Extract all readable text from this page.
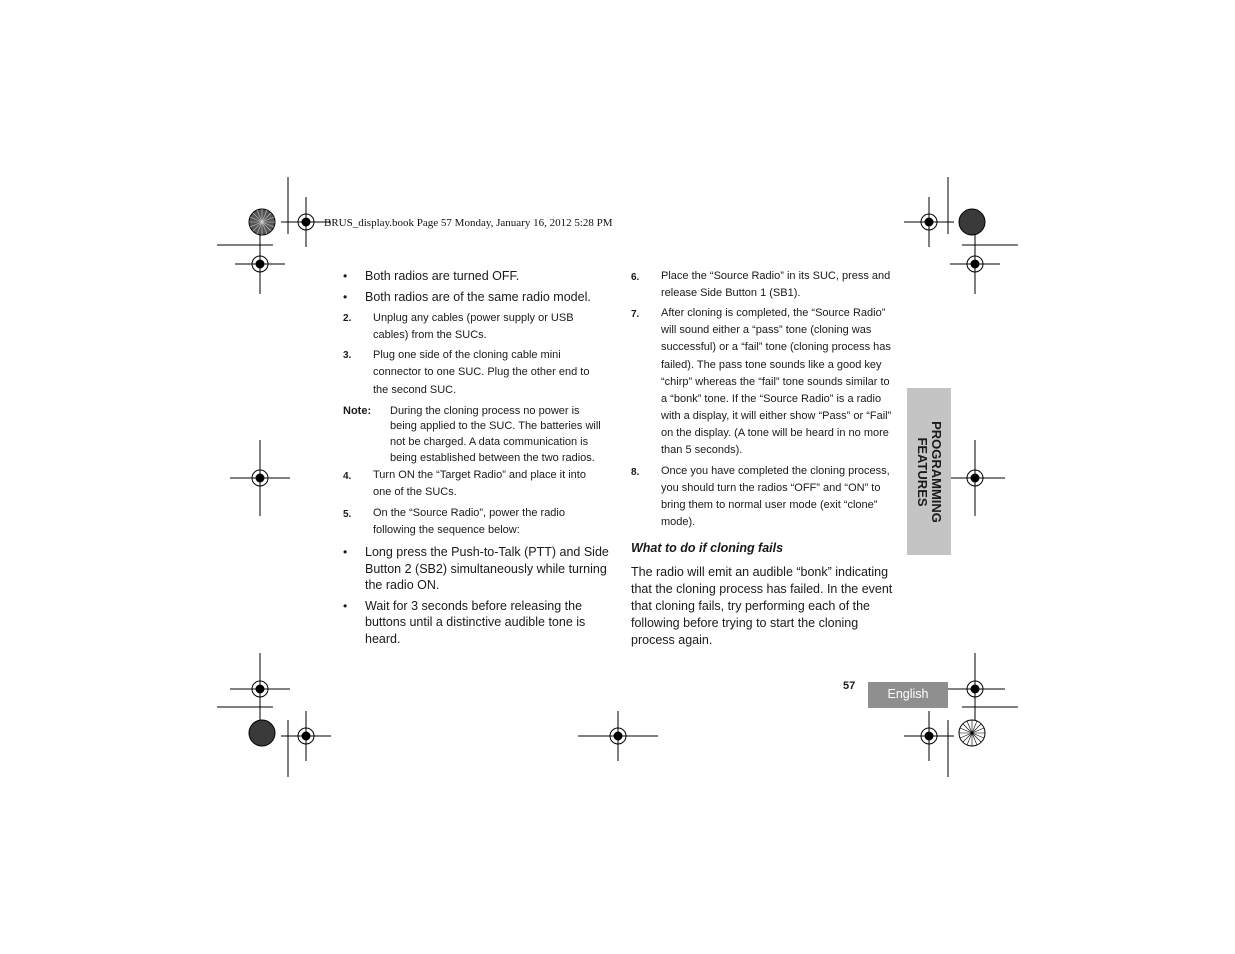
BRUS_display.book Page 57 Monday, January 16, 2012 5:28 PM
• Both radios are turned OFF.
• Both radios are of the same radio model.
2. Unplug any cables (power supply or USB
cables) from the SUCs.
3. Plug one side of the cloning cable mini
connector to one SUC. Plug the other end to
the second SUC.
Note: During the cloning process no power is
being applied to the SUC. The batteries will
not be charged. A data communication is
being established between the two radios.
4. Turn ON the “Target Radio” and place it into
one of the SUCs.
5. On the “Source Radio”, power the radio
following the sequence below:
• Long press the Push-to-Talk (PTT) and Side
Button 2 (SB2) simultaneously while turning
the radio ON.
• Wait for 3 seconds before releasing the
buttons until a distinctive audible tone is
heard.
6. Place the “Source Radio” in its SUC, press and
release Side Button 1 (SB1).
7. After cloning is completed, the “Source Radio”
will sound either a “pass” tone (cloning was
successful) or a “fail” tone (cloning process has
failed). The pass tone sounds like a good key
“chirp” whereas the “fail” tone sounds similar to
a “bonk” tone. If the “Source Radio” is a radio
with a display, it will either show “Pass” or “Fail”
on the display. (A tone will be heard in no more
than 5 seconds).
8. Once you have completed the cloning process,
you should turn the radios “OFF” and “ON” to
bring them to normal user mode (exit “clone”
mode).
What to do if cloning fails
The radio will emit an audible “bonk” indicating
that the cloning process has failed. In the event
that cloning fails, try performing each of the
following before trying to start the cloning
process again.
PROGRAMMING
FEATURES
57
English
